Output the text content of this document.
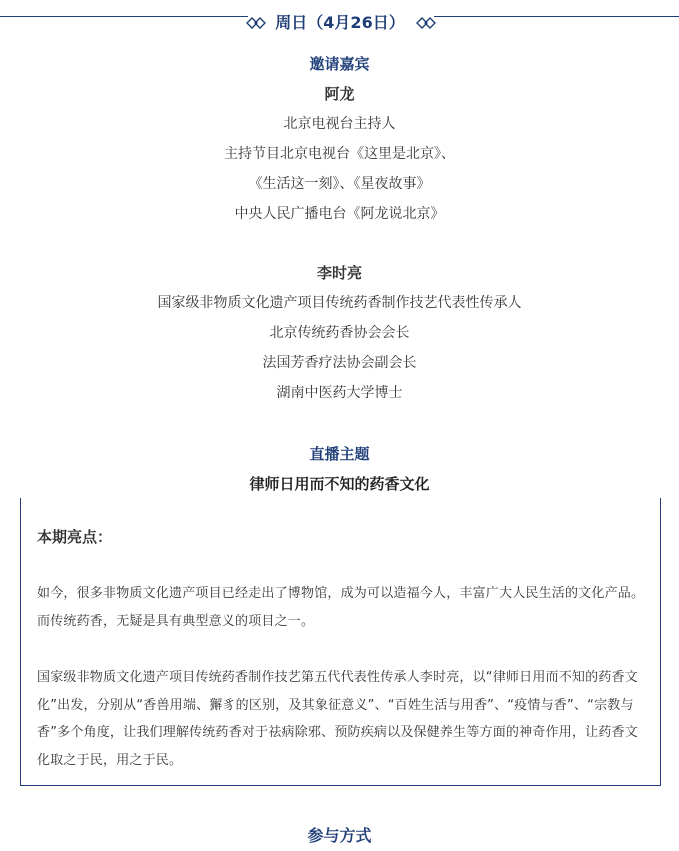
周日（4月26日）
邀请嘉宾
阿龙
北京电视台主持人
主持节目北京电视台《这里是北京》、
《生活这一刻》、《星夜故事》
中央人民广播电台《阿龙说北京》
李时亮
国家级非物质文化遗产项目传统药香制作技艺代表性传承人
北京传统药香协会会长
法国芳香疗法协会副会长
湖南中医药大学博士
直播主题
律师日用而不知的药香文化
本期亮点：
如今，很多非物质文化遗产项目已经走出了博物馆，成为可以造福今人，丰富广大人民生活的文化产品。而传统药香，无疑是具有典型意义的项目之一。
国家级非物质文化遗产项目传统药香制作技艺第五代代表性传承人李时亮，以“律师日用而不知的药香文化”出发，分别从“香兽用端、獬豸的区别，及其象征意义”、“百姓生活与用香”、“疫情与香”、“宗教与香”多个角度，让我们理解传统药香对于祛病除邪、预防疾病以及保健养生等方面的神奇作用，让药香文化取之于民，用之于民。
参与方式
